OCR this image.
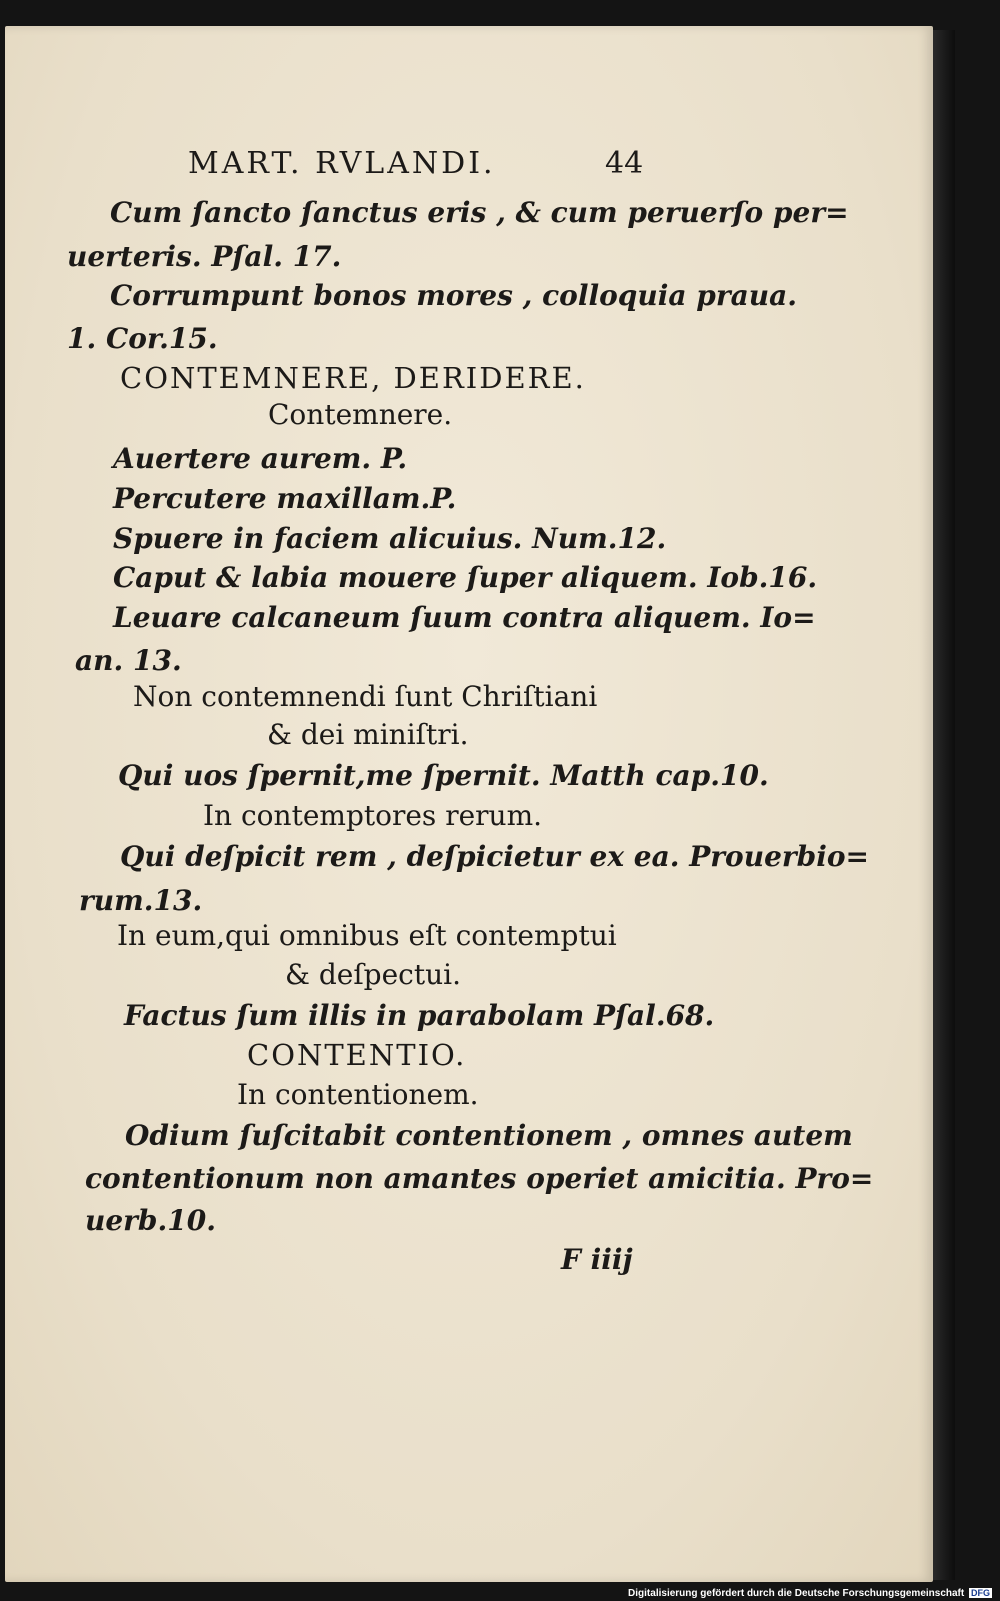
MART. RVLANDI.	44
Cum ſancto ſanctus eris , & cum peruerſo per=
uerteris. Pſal. 17.
Corrumpunt bonos mores , colloquia praua.
1. Cor.15.
CONTEMNERE, DERIDERE.
Contemnere.
Auertere aurem. P.
Percutere maxillam.P.
Spuere in faciem alicuius. Num.12.
Caput & labia mouere ſuper aliquem. Iob.16.
Leuare calcaneum ſuum contra aliquem. Io=
an. 13.
Non contemnendi ſunt Chriſtiani
& dei miniſtri.
Qui uos ſpernit,me ſpernit. Matth cap.10.
In contemptores rerum.
Qui deſpicit rem , deſpicietur ex ea. Prouerbio=
rum.13.
In eum,qui omnibus eſt contemptui
& deſpectui.
Factus ſum illis in parabolam Pſal.68.
CONTENTIO.
In contentionem.
Odium ſuſcitabit contentionem , omnes autem
contentionum non amantes operiet amicitia. Pro=
uerb.10.
F iiij
Digitalisierung gefördert durch die Deutsche Forschungsgemeinschaft DFG
